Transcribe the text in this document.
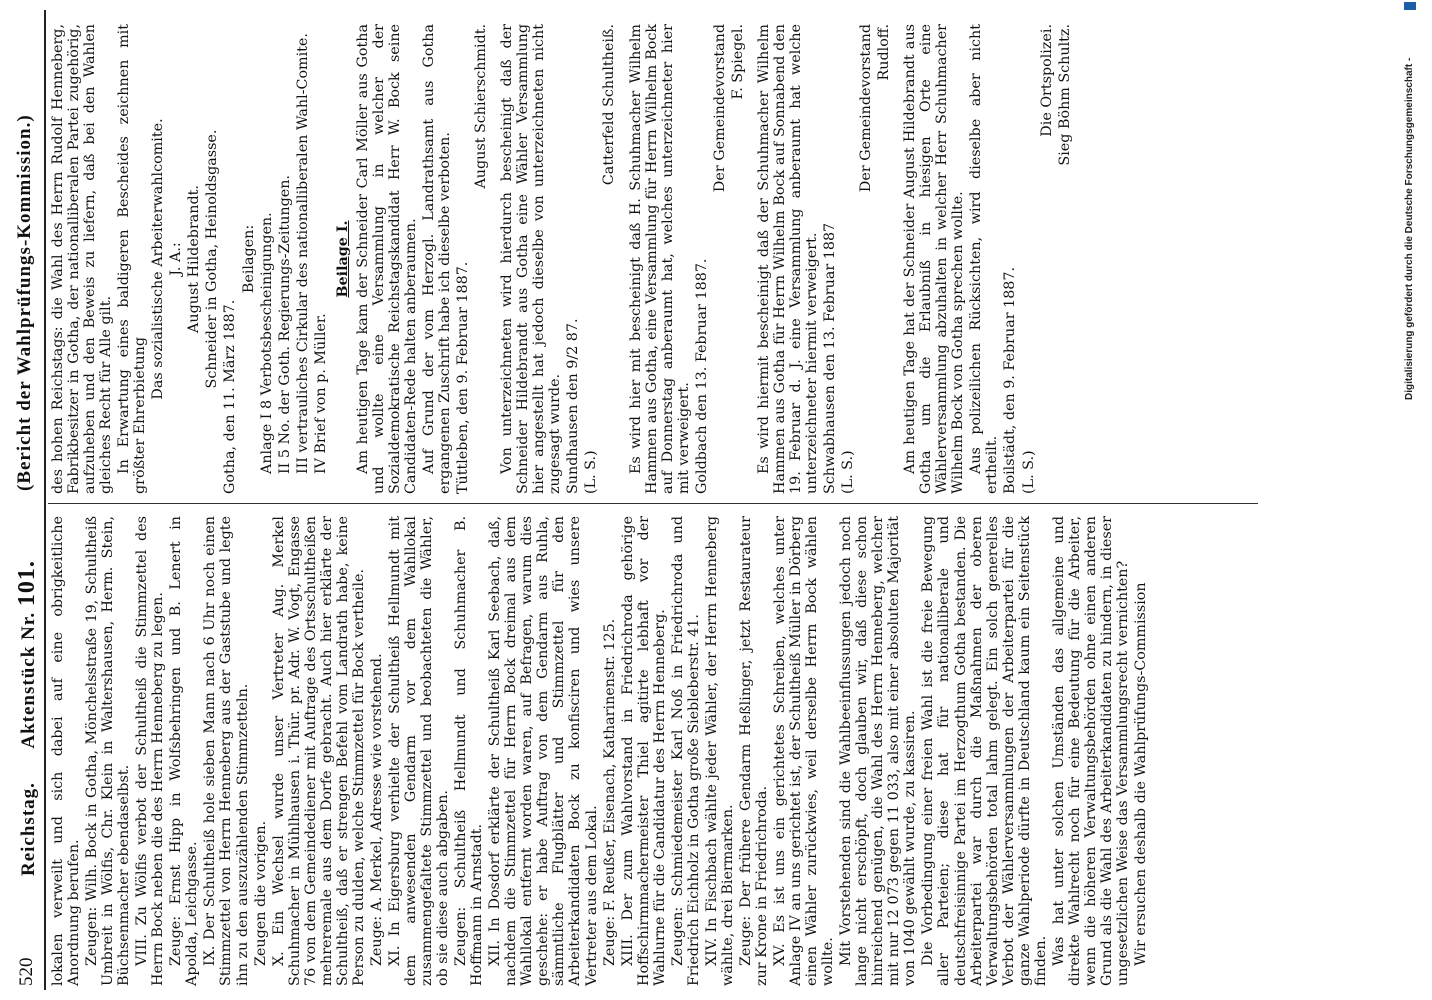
520
Reichstag.      Aktenstück Nr. 101.
(Bericht der Wahlprüfungs-Kommission.)

lokalen verweilt und sich dabei auf eine obrigkeitliche Anordnung berufen. Zeugen: Wilh. Bock in Gotha, Mönchelsstraße 19, Schultheiß Umbreit in Wölfis, Chr. Klein in Waltershausen, Herm. Stein, Büchsenmacher ebendaselbst. VIII. Zu Wölfis verbot der Schultheiß die Stimmzettel des Herrn Bock neben die des Herrn Henneberg zu legen. Zeuge: Ernst Hipp in Wolfsbehringen und B. Lenert in Apolda, Leichgasse. IX. Der Schultheiß hole sieben Mann nach 6 Uhr noch einen Stimmzettel von Herrn Henneberg aus der Gaststube und legte ihn zu den auszuzählenden Stimmzetteln. Zeugen die vorigen. X. Ein Wechsel wurde unser Vertreter Aug. Merkel Schuhmacher in Mühlhausen i. Thür. pr. Adr. W. Vogt, Engasse 76 von dem Gemeindediener mit Auftrage des Ortsschultheißen mehreremale aus dem Dorfe gebracht. Auch hier erklärte der Schultheiß, daß er strengen Befehl vom Landrath habe, keine Person zu dulden, welche Stimmzettel für Bock vertheile. Zeuge: A. Merkel, Adresse wie vorstehend. XI. In Eigersburg verhielte der Schultheiß Hellmundt mit dem anwesenden Gendarm vor dem Wahllokal zusammengefaltete Stimmzettel und beobachteten die Wähler, ob sie diese auch abgaben. Zeugen: Schultheiß Hellmundt und Schuhmacher B. Hoffmann in Arnstadt. XII. In Dosdorf erklärte der Schultheiß Karl Seebach, daß, nachdem die Stimmzettel für Herrn Bock dreimal aus dem Wahllokal entfernt worden waren, auf Befragen, warum dies geschehe: er habe Auftrag von dem Gendarm aus Ruhla, sämmtliche Flugblätter und Stimmzettel für den Arbeiterkandidaten Bock zu konfisciren und wies unsere Vertreter aus dem Lokal. Zeuge: F. Reußer, Eisenach, Katharinenstr. 125. XIII. Der zum Wahlvorstand in Friedrichroda gehörige Hoffschirmmachermeister Thiel agitirte lebhaft vor der Wahlurne für die Candidatur des Herrn Henneberg. Zeugen: Schmiedemeister Karl Noß in Friedrichroda und Friedrich Eichholz in Gotha große Siebleberstr. 41. XIV. In Fischbach wählte jeder Wähler, der Herrn Henneberg wählte, drei Biermarken. Zeuge: Der frühere Gendarm Heßlinger, jetzt Restaurateur zur Krone in Friedrichroda. XV. Es ist uns ein gerichtetes Schreiben, welches unter Anlage IV an uns gerichtet ist, der Schultheiß Müller in Dörberg einen Wähler zurückwies, weil derselbe Herrn Bock wählen wollte. Mit Vorstehenden sind die Wahlbeeinflussungen jedoch noch lange nicht erschöpft, doch glauben wir, daß diese schon hinreichend genügen, die Wahl des Herrn Henneberg, welcher mit nur 12 073 gegen 11 033, also mit einer absoluten Majorität von 1040 gewählt wurde, zu kassiren. Die Vorbedingung einer freien Wahl ist die freie Bewegung aller Parteien; diese hat für nationalliberale und deutschfreisinnige Partei im Herzogthum Gotha bestanden. Die Arbeiterpartei war durch die Maßnahmen der oberen Verwaltungsbehörden total lahm gelegt. Ein solch generelles Verbot der Wählerversammlungen der Arbeiterpartei für die ganze Wahlperiode dürfte in Deutschland kaum ein Seitenstück finden. Was hat unter solchen Umständen das allgemeine und direkte Wahlrecht noch für eine Bedeutung für die Arbeiter, wenn die höheren Verwaltungsbehörden ohne einen anderen Grund als die Wahl des Arbeiterkandidaten zu hindern, in dieser ungesetzlichen Weise das Versammlungsrecht vernichten? Wir ersuchen deshalb die Wahlprüfungs-Commission

des hohen Reichstags: die Wahl des Herrn Rudolf Henneberg, Fabrikbesitzer in Gotha, der nationalliberalen Partei zugehörig, aufzuheben und den Beweis zu liefern, daß bei den Wahlen gleiches Recht für Alle gilt. In Erwartung eines baldigeren Bescheides zeichnen mit größter Ehrerbietung

Das sozialistische Arbeiterwahlcomite. J. A.: August Hildebrandt. Schneider in Gotha, Heinoldsgasse.

Gotha, den 11. März 1887.

Beilagen: Anlage I 8 Verbotsbescheinigungen. II 5 No. der Goth. Regierungs-Zeitungen. III vertrauliches Cirkular des nationalliberalen Wahl-Comite. IV Brief von p. Müller.

Beilage I. Am heutigen Tage kam der Schneider Carl Möller aus Gotha und wollte eine Versammlung in welcher der Sozialdemokratische Reichstagskandidat Herr W. Bock seine Candidaten-Rede halten anberaumen. Auf Grund der vom Herzogl. Landrathsamt aus Gotha ergangenen Zuschrift habe ich dieselbe verboten. Tüttleben, den 9. Februar 1887.

August Schierschmidt. Von unterzeichneten wird hierdurch bescheinigt daß der Schneider Hildebrandt aus Gotha eine Wähler Versammlung hier angestellt hat jedoch dieselbe von unterzeichneten nicht zugesagt wurde. Sundhausen den 9/2 87. (L. S.)

Catterfeld Schultheiß. Es wird hier mit bescheinigt daß H. Schuhmacher Wilhelm Hammen aus Gotha, eine Versammlung für Herrn Wilhelm Bock auf Donnerstag anberaumt hat, welches unterzeichneter hier mit verweigert. Goldbach den 13. Februar 1887.

Der Gemeindevorstand F. Spiegel. Es wird hiermit bescheinigt daß der Schuhmacher Wilhelm Hammen aus Gotha für Herrn Wilhelm Bock auf Sonnabend den 19. Februar d. J. eine Versammlung anberaumt hat welche unterzeichneter hiermit verweigert. Schwabhausen den 13. Februar 1887 (L. S.)

Der Gemeindevorstand Rudloff. Am heutigen Tage hat der Schneider August Hildebrandt aus Gotha um die Erlaubniß in hiesigen Orte eine Wählerversammlung abzuhalten in welcher Herr Schuhmacher Wilhelm Bock von Gotha sprechen wollte. Aus polizeilichen Rücksichten, wird dieselbe aber nicht ertheilt. Boilstädt, den 9. Februar 1887. (L. S.)

Die Ortspolizei. Sieg Böhm Schultz.	Digitalisierung gefördert durch die Deutsche Forschungsgemeinschaft -
